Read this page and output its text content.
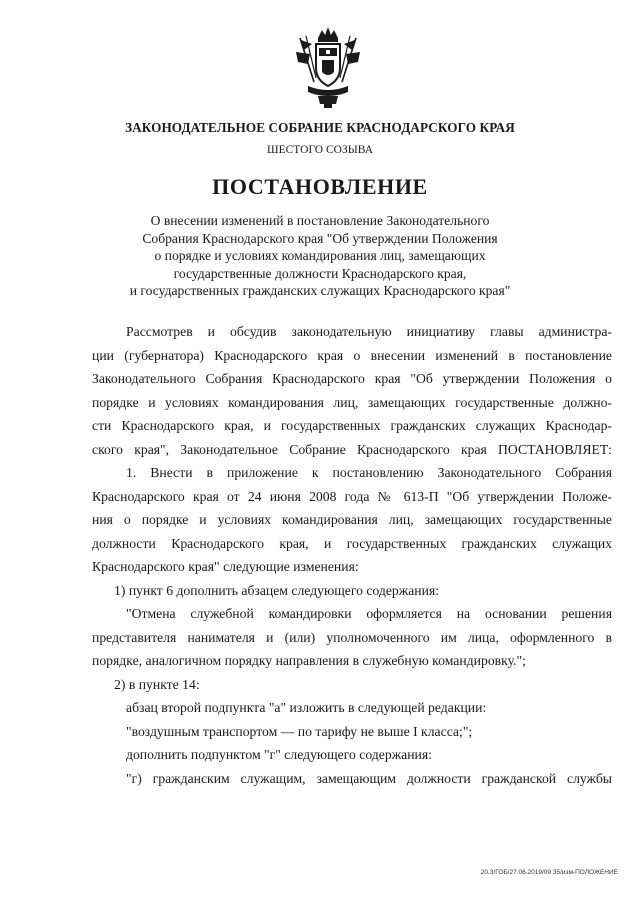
ЗАКОНОДАТЕЛЬНОЕ СОБРАНИЕ КРАСНОДАРСКОГО КРАЯ
ШЕСТОГО СОЗЫВА
ПОСТАНОВЛЕНИЕ
О внесении изменений в постановление Законодательного
Собрания Краснодарского края "Об утверждении Положения
о порядке и условиях командирования лиц, замещающих
государственные должности Краснодарского края,
и государственных гражданских служащих Краснодарского края"
Рассмотрев и обсудив законодательную инициативу главы администра-
ции (губернатора) Краснодарского края о внесении изменений в постановление
Законодательного Собрания Краснодарского края "Об утверждении Положения о
порядке и условиях командирования лиц, замещающих государственные должно-
сти Краснодарского края, и государственных гражданских служащих Краснодар-
ского края", Законодательное Собрание Краснодарского края ПОСТАНОВЛЯЕТ:
1. Внести в приложение к постановлению Законодательного Собрания
Краснодарского края от 24 июня 2008 года № 613-П "Об утверждении Положе-
ния о порядке и условиях командирования лиц, замещающих государственные
должности Краснодарского края, и государственных гражданских служащих
Краснодарского края" следующие изменения:
1) пункт 6 дополнить абзацем следующего содержания:
"Отмена служебной командировки оформляется на основании решения
представителя нанимателя и (или) уполномоченного им лица, оформленного в
порядке, аналогичном порядку направления в служебную командировку.";
2) в пункте 14:
абзац второй подпункта "а" изложить в следующей редакции:
"воздушным транспортом — по тарифу не выше I класса;";
дополнить подпунктом "г" следующего содержания:
"г) гражданским служащим, замещающим должности гражданской службы
20.3/ГОБ/27.06.2019/09 35/изм-ПОЛОЖЕНИЕ
